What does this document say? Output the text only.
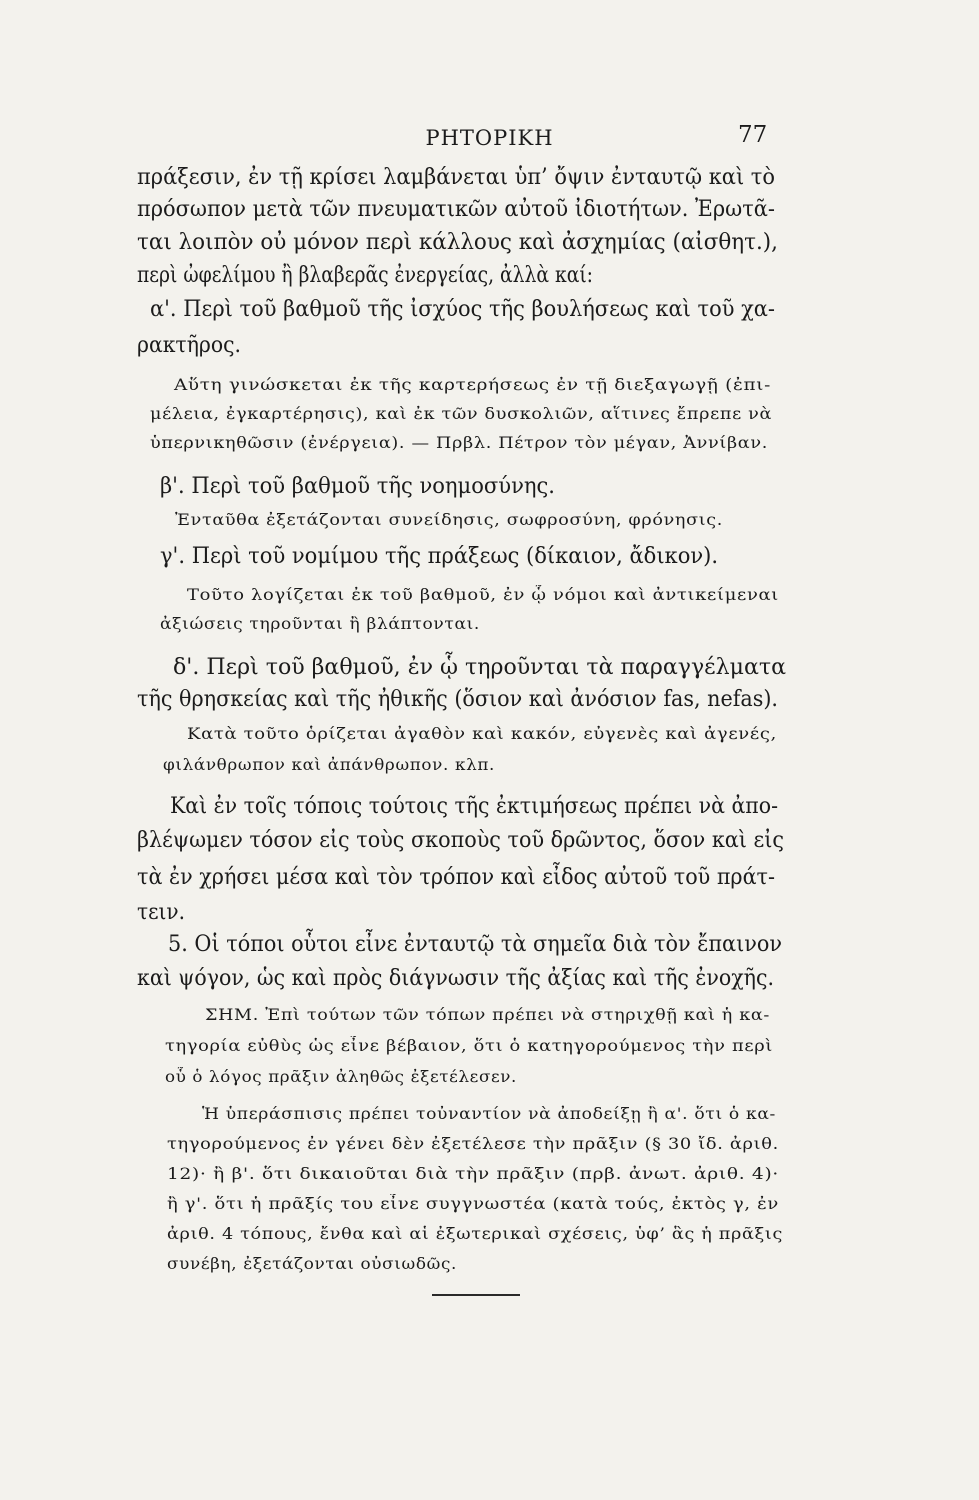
ΡΗΤΟΡΙΚΗ	77
πράξεσιν, ἐν τῇ κρίσει λαμβάνεται ὑπ’ ὄψιν ἐνταυτῷ καὶ τὸ
πρόσωπον μετὰ τῶν πνευματικῶν αὐτοῦ ἰδιοτήτων. Ἐρωτᾶ-
ται λοιπὸν οὐ μόνον περὶ κάλλους καὶ ἀσχημίας (αἰσθητ.),
περὶ ὠφελίμου ἢ βλαβερᾶς ἐνεργείας, ἀλλὰ καί:
α'. Περὶ τοῦ βαθμοῦ τῆς ἰσχύος τῆς βουλήσεως καὶ τοῦ χα-
ρακτῆρος.
Αὕτη γινώσκεται ἐκ τῆς καρτερήσεως ἐν τῇ διεξαγωγῇ (ἐπι-
μέλεια, ἐγκαρτέρησις), καὶ ἐκ τῶν δυσκολιῶν, αἵτινες ἔπρεπε νὰ
ὑπερνικηθῶσιν (ἐνέργεια). — Πρβλ. Πέτρον τὸν μέγαν, Ἀννίβαν.
β'. Περὶ τοῦ βαθμοῦ τῆς νοημοσύνης.
Ἐνταῦθα ἐξετάζονται συνείδησις, σωφροσύνη, φρόνησις.
γ'. Περὶ τοῦ νομίμου τῆς πράξεως (δίκαιον, ἄδικον).
Τοῦτο λογίζεται ἐκ τοῦ βαθμοῦ, ἐν ᾧ νόμοι καὶ ἀντικείμεναι
ἀξιώσεις τηροῦνται ἢ βλάπτονται.
δ'. Περὶ τοῦ βαθμοῦ, ἐν ᾧ τηροῦνται τὰ παραγγέλματα
τῆς θρησκείας καὶ τῆς ἠθικῆς (ὅσιον καὶ ἀνόσιον fas, nefas).
Κατὰ τοῦτο ὁρίζεται ἀγαθὸν καὶ κακόν, εὐγενὲς καὶ ἀγενές,
φιλάνθρωπον καὶ ἀπάνθρωπον. κλπ.
Καὶ ἐν τοῖς τόποις τούτοις τῆς ἐκτιμήσεως πρέπει νὰ ἀπο-
βλέψωμεν τόσον εἰς τοὺς σκοποὺς τοῦ δρῶντος, ὅσον καὶ εἰς
τὰ ἐν χρήσει μέσα καὶ τὸν τρόπον καὶ εἶδος αὐτοῦ τοῦ πράτ-
τειν.
5. Οἱ τόποι οὗτοι εἶνε ἐνταυτῷ τὰ σημεῖα διὰ τὸν ἔπαινον
καὶ ψόγον, ὡς καὶ πρὸς διάγνωσιν τῆς ἀξίας καὶ τῆς ἐνοχῆς.
ΣΗΜ. Ἐπὶ τούτων τῶν τόπων πρέπει νὰ στηριχθῇ καὶ ἡ κα-
τηγορία εὐθὺς ὡς εἶνε βέβαιον, ὅτι ὁ κατηγορούμενος τὴν περὶ
οὗ ὁ λόγος πρᾶξιν ἀληθῶς ἐξετέλεσεν.
Ἡ ὑπεράσπισις πρέπει τοὐναντίον νὰ ἀποδείξῃ ἢ α'. ὅτι ὁ κα-
τηγορούμενος ἐν γένει δὲν ἐξετέλεσε τὴν πρᾶξιν (§ 30 ἴδ. ἀριθ.
12)· ἢ β'. ὅτι δικαιοῦται διὰ τὴν πρᾶξιν (πρβ. ἀνωτ. ἀριθ. 4)·
ἢ γ'. ὅτι ἡ πρᾶξίς του εἶνε συγγνωστέα (κατὰ τούς, ἐκτὸς γ, ἐν
ἀριθ. 4 τόπους, ἔνθα καὶ αἱ ἐξωτερικαὶ σχέσεις, ὑφ’ ἃς ἡ πρᾶξις
συνέβη, ἐξετάζονται οὐσιωδῶς.
